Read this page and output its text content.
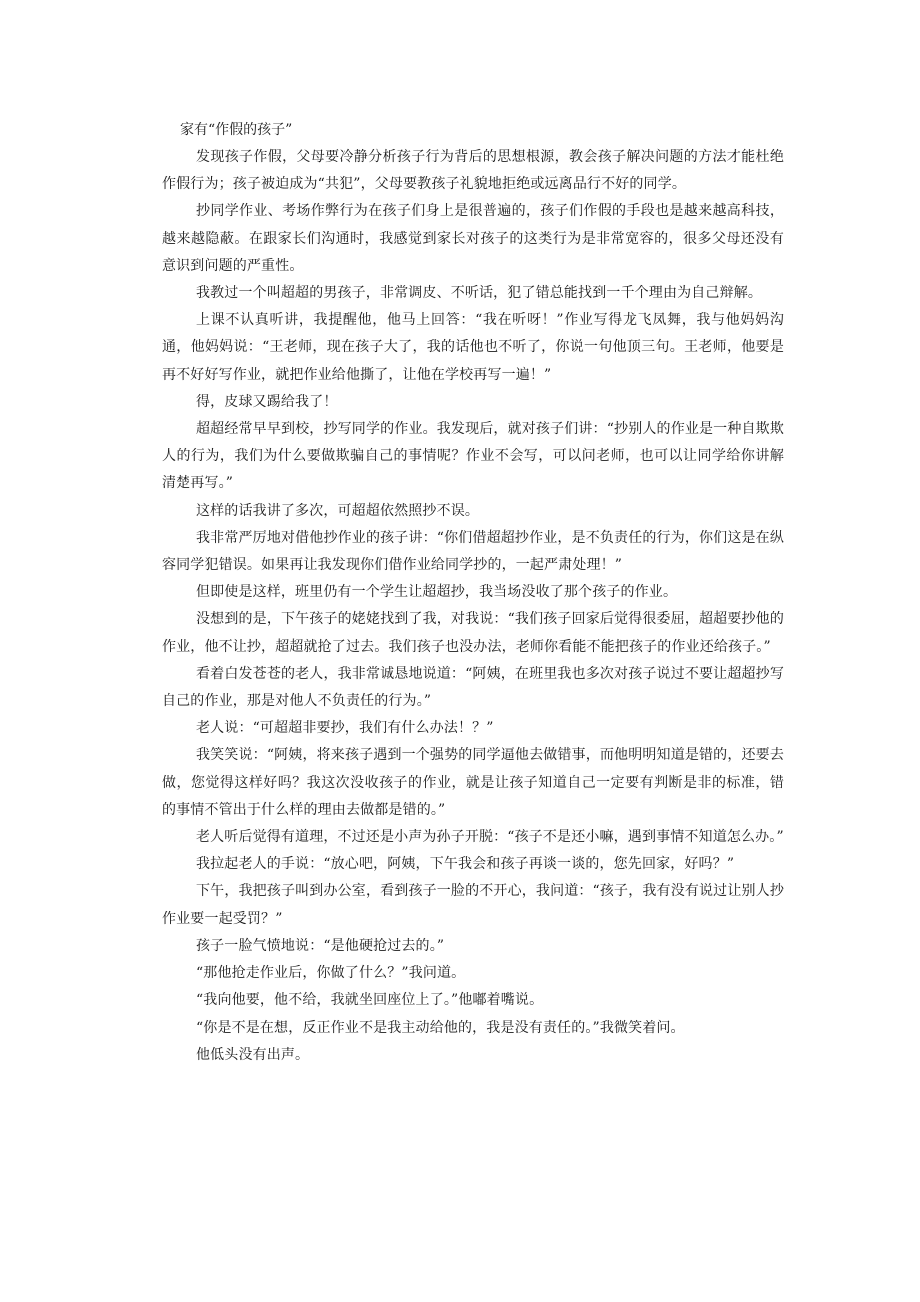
家有“作假的孩子”

发现孩子作假，父母要冷静分析孩子行为背后的思想根源，教会孩子解决问题的方法才能杜绝作假行为；孩子被迫成为“共犯”，父母要教孩子礼貌地拒绝或远离品行不好的同学。

抄同学作业、考场作弊行为在孩子们身上是很普遍的，孩子们作假的手段也是越来越高科技，越来越隐蔽。在跟家长们沟通时，我感觉到家长对孩子的这类行为是非常宽容的，很多父母还没有意识到问题的严重性。

我教过一个叫超超的男孩子，非常调皮、不听话，犯了错总能找到一千个理由为自己辩解。

上课不认真听讲，我提醒他，他马上回答：“我在听呀！”作业写得龙飞凤舞，我与他妈妈沟通，他妈妈说：“王老师，现在孩子大了，我的话他也不听了，你说一句他顶三句。王老师，他要是再不好好写作业，就把作业给他撕了，让他在学校再写一遍！”

得，皮球又踢给我了！

超超经常早早到校，抄写同学的作业。我发现后，就对孩子们讲：“抄别人的作业是一种自欺欺人的行为，我们为什么要做欺骗自己的事情呢？作业不会写，可以问老师，也可以让同学给你讲解清楚再写。”

这样的话我讲了多次，可超超依然照抄不误。

我非常严厉地对借他抄作业的孩子讲：“你们借超超抄作业，是不负责任的行为，你们这是在纵容同学犯错误。如果再让我发现你们借作业给同学抄的，一起严肃处理！”

但即使是这样，班里仍有一个学生让超超抄，我当场没收了那个孩子的作业。

没想到的是，下午孩子的姥姥找到了我，对我说：“我们孩子回家后觉得很委屈，超超要抄他的作业，他不让抄，超超就抢了过去。我们孩子也没办法，老师你看能不能把孩子的作业还给孩子。”

看着白发苍苍的老人，我非常诚恳地说道：“阿姨，在班里我也多次对孩子说过不要让超超抄写自己的作业，那是对他人不负责任的行为。”

老人说：“可超超非要抄，我们有什么办法！？”

我笑笑说：“阿姨，将来孩子遇到一个强势的同学逼他去做错事，而他明明知道是错的，还要去做，您觉得这样好吗？我这次没收孩子的作业，就是让孩子知道自己一定要有判断是非的标准，错的事情不管出于什么样的理由去做都是错的。”

老人听后觉得有道理，不过还是小声为孙子开脱：“孩子不是还小嘛，遇到事情不知道怎么办。”

我拉起老人的手说：“放心吧，阿姨，下午我会和孩子再谈一谈的，您先回家，好吗？”

下午，我把孩子叫到办公室，看到孩子一脸的不开心，我问道：“孩子，我有没有说过让别人抄作业要一起受罚？”

孩子一脸气愤地说：“是他硬抢过去的。”

“那他抢走作业后，你做了什么？”我问道。

“我向他要，他不给，我就坐回座位上了。”他嘟着嘴说。

“你是不是在想，反正作业不是我主动给他的，我是没有责任的。”我微笑着问。

他低头没有出声。
